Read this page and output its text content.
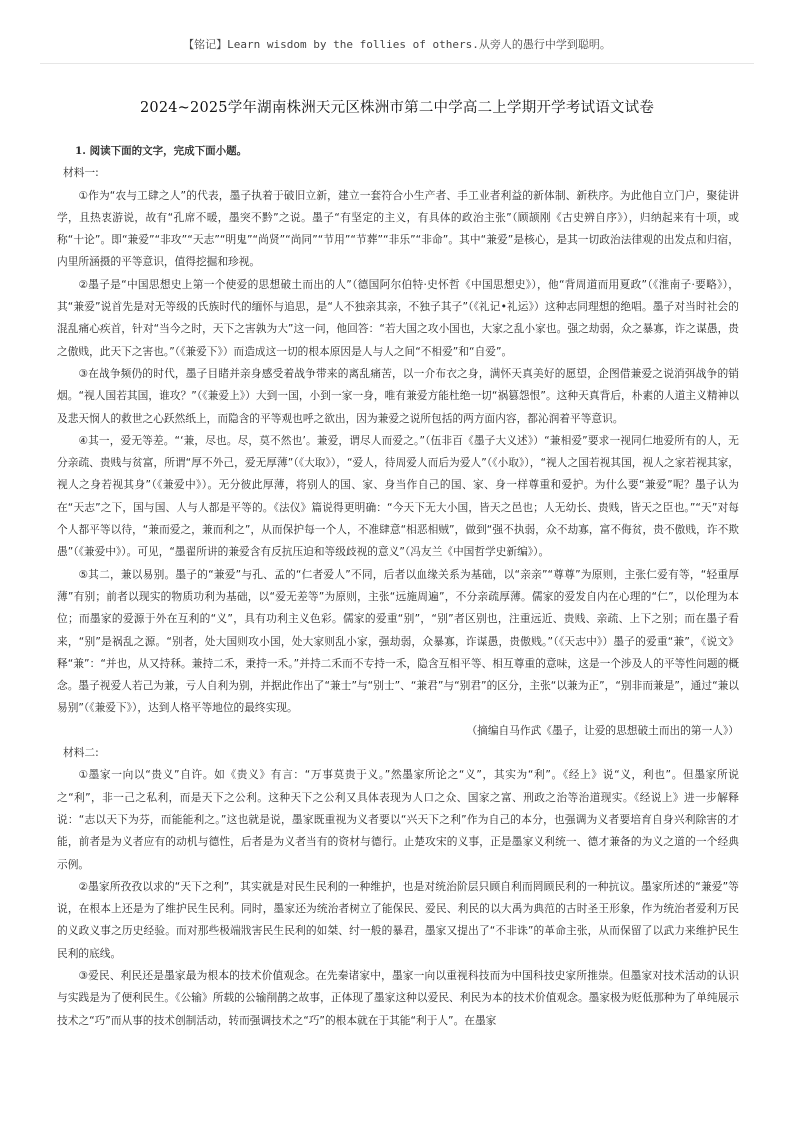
【铭记】Learn wisdom by the follies of others.从旁人的愚行中学到聪明。
2024~2025学年湖南株洲天元区株洲市第二中学高二上学期开学考试语文试卷

1. 阅读下面的文字，完成下面小题。

材料一:

①作为“农与工肆之人”的代表，墨子执着于破旧立新，建立一套符合小生产者、手工业者利益的新体制、新秩序。为此他自立门户，聚徒讲学，且热衷游说，故有“孔席不暖，墨突不黔”之说。墨子“有坚定的主义，有具体的政治主张”（顾颉刚《古史辨自序》），归纳起来有十项，或称“十论”。即“兼爱”“非攻”“天志”“明鬼”“尚贤”“尚同”“节用”“节葬”“非乐”“非命”。其中“兼爱”是核心，是其一切政治法律观的出发点和归宿，内里所涵摄的平等意识，值得挖掘和珍视。

②墨子是“中国思想史上第一个使爱的思想破土而出的人”（德国阿尔伯特·史怀哲《中国思想史》），他“背周道而用夏政”（《淮南子·要略》），其“兼爱”说首先是对无等级的氏族时代的缅怀与追思，是“人不独亲其亲，不独子其子”（《礼记•礼运》）这种志同理想的绝唱。墨子对当时社会的混乱痛心疾首，针对“当今之时，天下之害孰为大”这一问，他回答：“若大国之攻小国也，大家之乱小家也。强之劫弱，众之暴寡，诈之谋愚，贵之傲贱，此天下之害也。”（《兼爱下》）而造成这一切的根本原因是人与人之间“不相爱”和“自爱”。

③在战争频仍的时代，墨子目睹并亲身感受着战争带来的离乱痛苦，以一介布衣之身，满怀天真美好的愿望，企图借兼爱之说消弭战争的销烟。“视人国若其国，谁攻？”（《兼爱上》）大到一国，小到一家一身，唯有兼爱方能杜绝一切“祸篡怨恨”。这种天真背后，朴素的人道主义精神以及悲天悯人的救世之心跃然纸上，而隐含的平等观也呼之欲出，因为兼爱之说所包括的两方面内容，都沁润着平等意识。

④其一，爱无等差。“‘兼，尽也。尽，莫不然也’。兼爱，谓尽人而爱之。”（伍非百《墨子大义述》）“兼相爱”要求一视同仁地爱所有的人，无分亲疏、贵贱与贫富，所谓“厚不外己，爱无厚薄”（《大取》），“爱人，待周爱人而后为爱人”（《小取》），“视人之国若视其国，视人之家若视其家，视人之身若视其身”（《兼爱中》）。无分彼此厚薄，将别人的国、家、身当作自己的国、家、身一样尊重和爱护。为什么要“兼爱”呢？墨子认为在“天志”之下，国与国、人与人都是平等的。《法仪》篇说得更明确：“今天下无大小国，皆天之邑也；人无幼长、贵贱，皆天之臣也。”“天”对每个人都平等以待，“兼而爱之，兼而利之”，从而保护每一个人，不准肆意“相恶相贼”，做到“强不执弱，众不劫寡，富不侮贫，贵不傲贱，诈不欺愚”（《兼爱中》）。可见，“墨翟所讲的兼爱含有反抗压迫和等级歧视的意义”（冯友兰《中国哲学史新编》）。

⑤其二，兼以易别。墨子的“兼爱”与孔、孟的“仁者爱人”不同，后者以血缘关系为基础，以“亲亲”“尊尊”为原则，主张仁爱有等，“轻重厚薄”有别；前者以现实的物质功利为基础，以“爱无差等”为原则，主张“远施周遍”，不分亲疏厚薄。儒家的爱发自内在心理的“仁”，以伦理为本位；而墨家的爱源于外在互利的“义”，具有功利主义色彩。儒家的爱重“别”，“别”者区别也，注重远近、贵贱、亲疏、上下之别；而在墨子看来，“别”是祸乱之源。“别者，处大国则攻小国，处大家则乱小家，强劫弱，众暴寡，诈谋愚，贵傲贱。”（《天志中》）墨子的爱重“兼”，《说文》释“兼”：“并也，从又持秝。兼持二禾，秉持一禾。”并持二禾而不专持一禾，隐含互相平等、相互尊重的意味，这是一个涉及人的平等性问题的概念。墨子视爱人若己为兼，亏人自利为别，并据此作出了“兼士”与“别士”、“兼君”与“别君”的区分，主张“以兼为正”，“别非而兼是”，通过“兼以易别”（《兼爱下》），达到人格平等地位的最终实现。

（摘编自马作武《墨子，让爱的思想破土而出的第一人》）

材料二:

①墨家一向以“贵义”自许。如《贵义》有言：“万事莫贵于义。”然墨家所论之“义”，其实为“利”。《经上》说“义，利也”。但墨家所说之“利”，非一己之私利，而是天下之公利。这种天下之公利又具体表现为人口之众、国家之富、刑政之治等治道现实。《经说上》进一步解释说：“志以天下为芬，而能能利之。”这也就是说，墨家既重视为义者要以“兴天下之利”作为自己的本分，也强调为义者要培育自身兴利除害的才能，前者是为义者应有的动机与德性，后者是为义者当有的资材与德行。止楚攻宋的义事，正是墨家义利统一、德才兼备的为义之道的一个经典示例。

②墨家所孜孜以求的“天下之利”，其实就是对民生民利的一种维护，也是对统治阶层只顾自利而罔顾民利的一种抗议。墨家所述的“兼爱”等说，在根本上还是为了维护民生民利。同时，墨家还为统治者树立了能保民、爱民、利民的以大禹为典范的古时圣王形象，作为统治者爱利万民的义政义事之历史经验。而对那些极端戕害民生民利的如桀、纣一般的暴君，墨家又提出了“不非诛”的革命主张，从而保留了以武力来维护民生民利的底线。

③爱民、利民还是墨家最为根本的技术价值观念。在先秦诸家中，墨家一向以重视科技而为中国科技史家所推崇。但墨家对技术活动的认识与实践是为了便利民生。《公输》所载的公输削鹊之故事，正体现了墨家这种以爱民、利民为本的技术价值观念。墨家极为贬低那种为了单纯展示技术之“巧”而从事的技术创制活动，转而强调技术之“巧”的根本就在于其能“利于人”。在墨家
